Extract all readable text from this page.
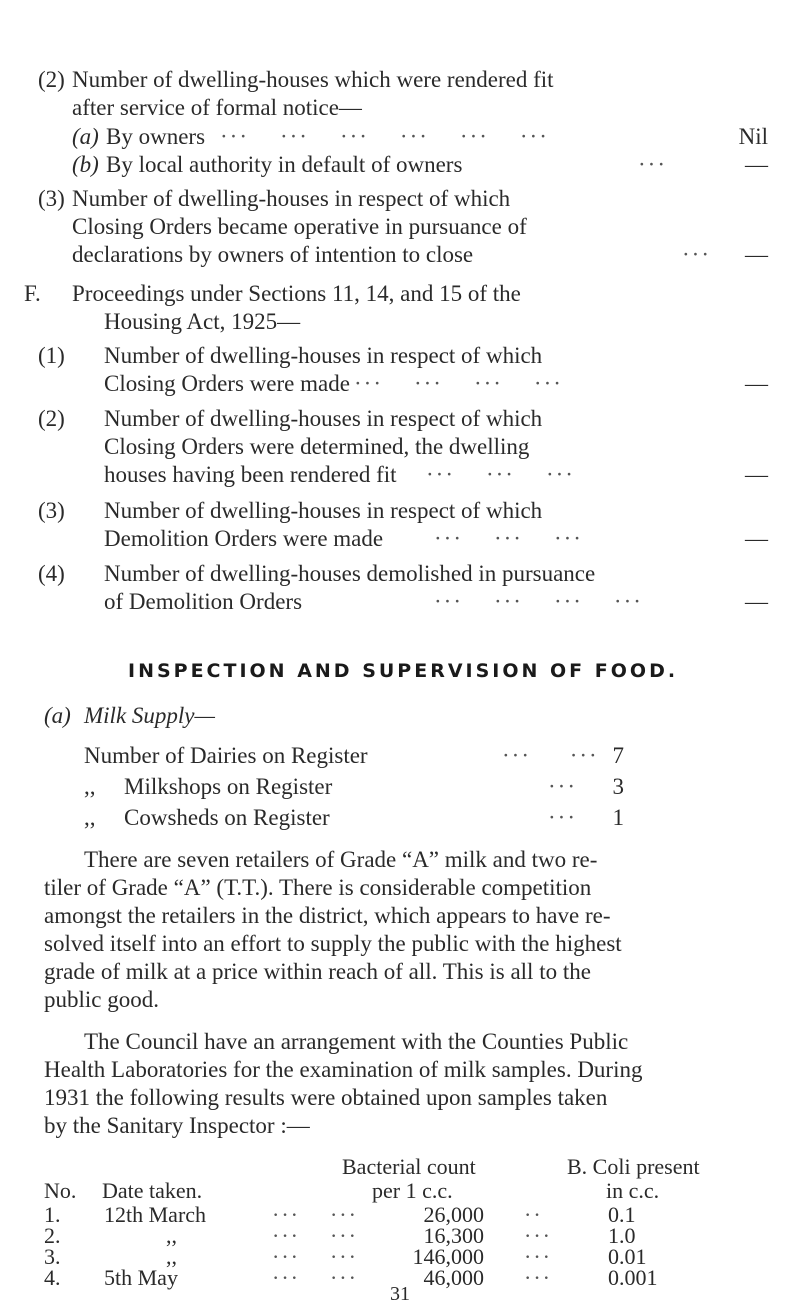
(2) Number of dwelling-houses which were rendered fit
after service of formal notice—
(a) By owners ···    ···    ···    ···    ···    ···	Nil
(b) By local authority in default of owners	···	—
(3) Number of dwelling-houses in respect of which
Closing Orders became operative in pursuance of
declarations by owners of intention to close	··· —
F. Proceedings under Sections 11, 14, and 15 of the
Housing Act, 1925—
(1) Number of dwelling-houses in respect of which
Closing Orders were made ···    ···    ···    ···	—
(2) Number of dwelling-houses in respect of which
Closing Orders were determined, the dwelling
houses having been rendered fit ···    ···    ···	—
(3) Number of dwelling-houses in respect of which
Demolition Orders were made ···    ···    ···	—
(4) Number of dwelling-houses demolished in pursuance
of Demolition Orders	···    ···    ···    ···	—
INSPECTION AND SUPERVISION OF FOOD.
(a) Milk Supply—
Number of Dairies on Register	···     ··· 7
,, Milkshops on Register	··· 3
,, Cowsheds on Register	··· 1
There are seven retailers of Grade “A” milk and two re-
tiler of Grade “A” (T.T.). There is considerable competition
amongst the retailers in the district, which appears to have re-
solved itself into an effort to supply the public with the highest
grade of milk at a price within reach of all. This is all to the
public good.
The Council have an arrangement with the Counties Public
Health Laboratories for the examination of milk samples. During
1931 the following results were obtained upon samples taken
by the Sanitary Inspector :—
Bacterial count	B. Coli present
No. Date taken.	per 1 c.c.	in c.c.
1. 12th March	···    ···	26,000 ··	0.1
2.	,,	···    ···	16,300 ···	1.0
3.	,,	···    ··· 146,000 ···	0.01
31
4. 5th May	···    ···	46,000 ···	0.001
